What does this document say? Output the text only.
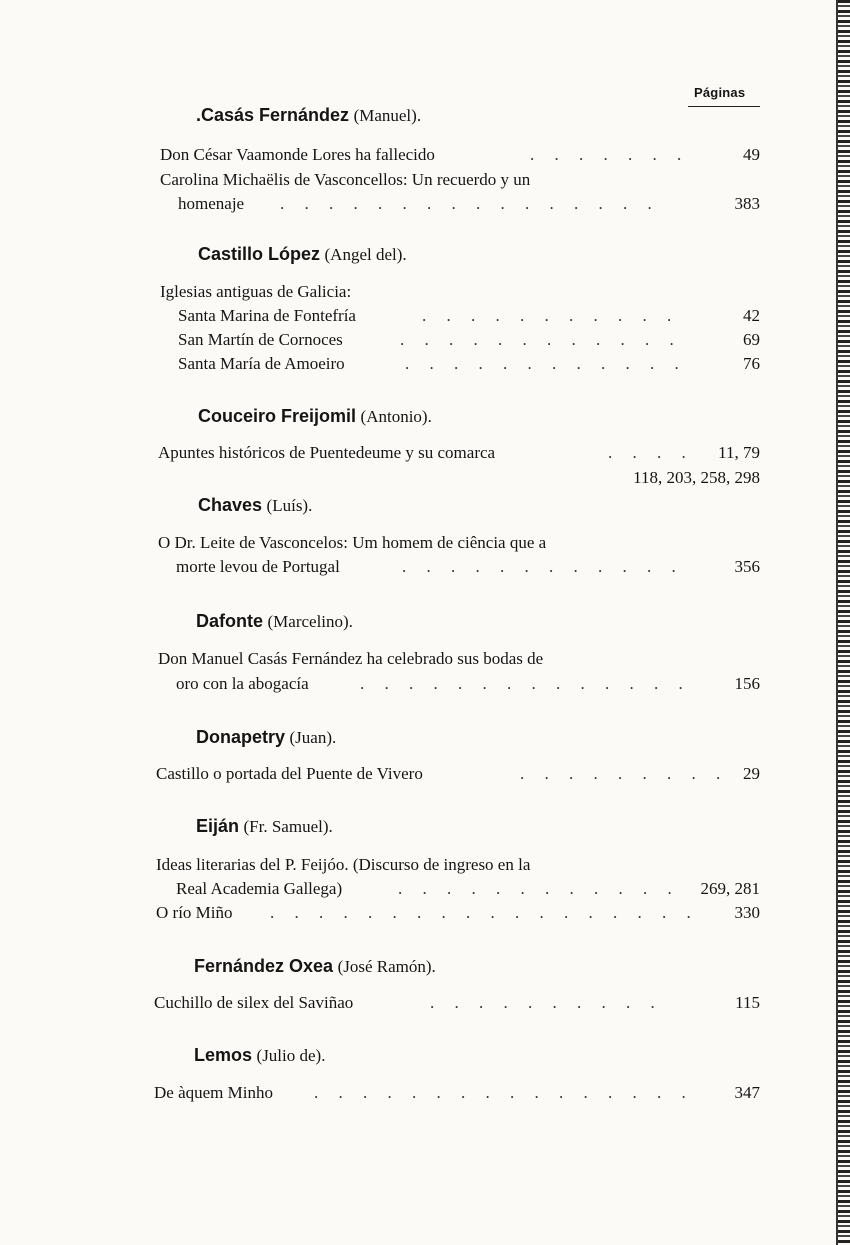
Páginas
.Casás Fernández (Manuel).
Don César Vaamonde Lores ha fallecido	. . . . . . .	49
Carolina Michaëlis de Vasconcellos: Un recuerdo y un
homenaje . . . . . . . . . . . . . . . .	383
Castillo López (Angel del).
Iglesias antiguas de Galicia:
Santa Marina de Fontefría	. . . . . . . . . . .	42
San Martín de Cornoces	. . . . . . . . . . . .	69
Santa María de Amoeiro	. . . . . . . . . . . .	76
Couceiro Freijomil (Antonio).
Apuntes históricos de Puentedeume y su comarca	. . . . 11, 79
118, 203, 258, 298
Chaves (Luís).
O Dr. Leite de Vasconcelos: Um homem de ciência que a
morte levou de Portugal	. . . . . . . . . . . .	356
Dafonte (Marcelino).
Don Manuel Casás Fernández ha celebrado sus bodas de
oro con la abogacía	. . . . . . . . . . . . . .	156
Donapetry (Juan).
Castillo o portada del Puente de Vivero	. . . . . . . . . 29
Eiján (Fr. Samuel).
Ideas literarias del P. Feijóo. (Discurso de ingreso en la
Real Academia Gallega)	. . . . . . . . . . . . 269, 281
O río Miño . . . . . . . . . . . . . . . . . . 330
Fernández Oxea (José Ramón).
Cuchillo de silex del Saviñao	. . . . . . . . . .	115
Lemos (Julio de).
De àquem Minho . . . . . . . . . . . . . . . . 347
